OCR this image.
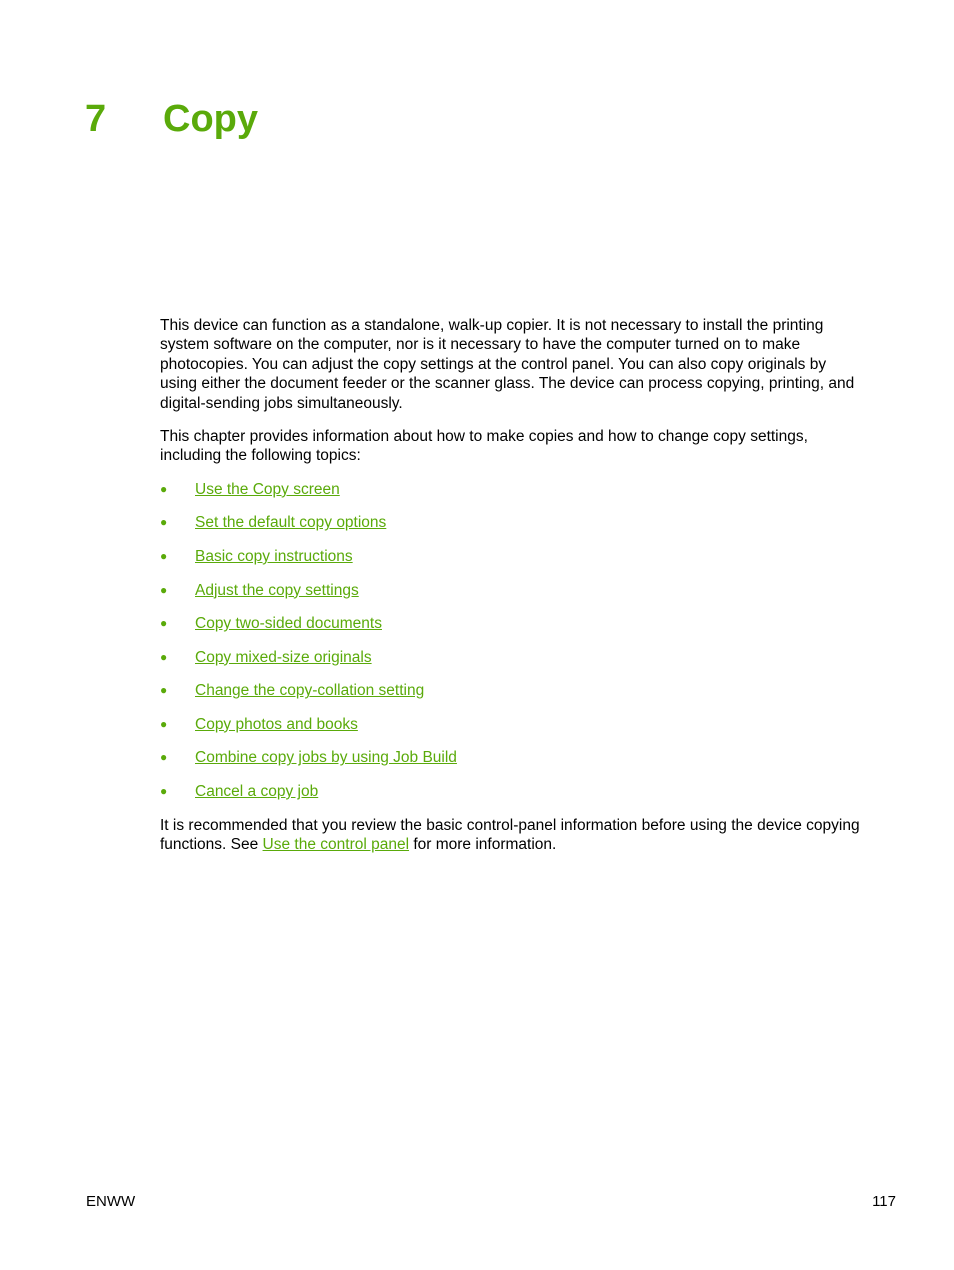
7 Copy

This device can function as a standalone, walk-up copier. It is not necessary to install the printing system software on the computer, nor is it necessary to have the computer turned on to make photocopies. You can adjust the copy settings at the control panel. You can also copy originals by using either the document feeder or the scanner glass. The device can process copying, printing, and digital-sending jobs simultaneously.

This chapter provides information about how to make copies and how to change copy settings, including the following topics:

● Use the Copy screen
● Set the default copy options
● Basic copy instructions
● Adjust the copy settings
● Copy two-sided documents
● Copy mixed-size originals
● Change the copy-collation setting
● Copy photos and books
● Combine copy jobs by using Job Build
● Cancel a copy job

It is recommended that you review the basic control-panel information before using the device copying functions. See Use the control panel for more information.

ENWW	117
